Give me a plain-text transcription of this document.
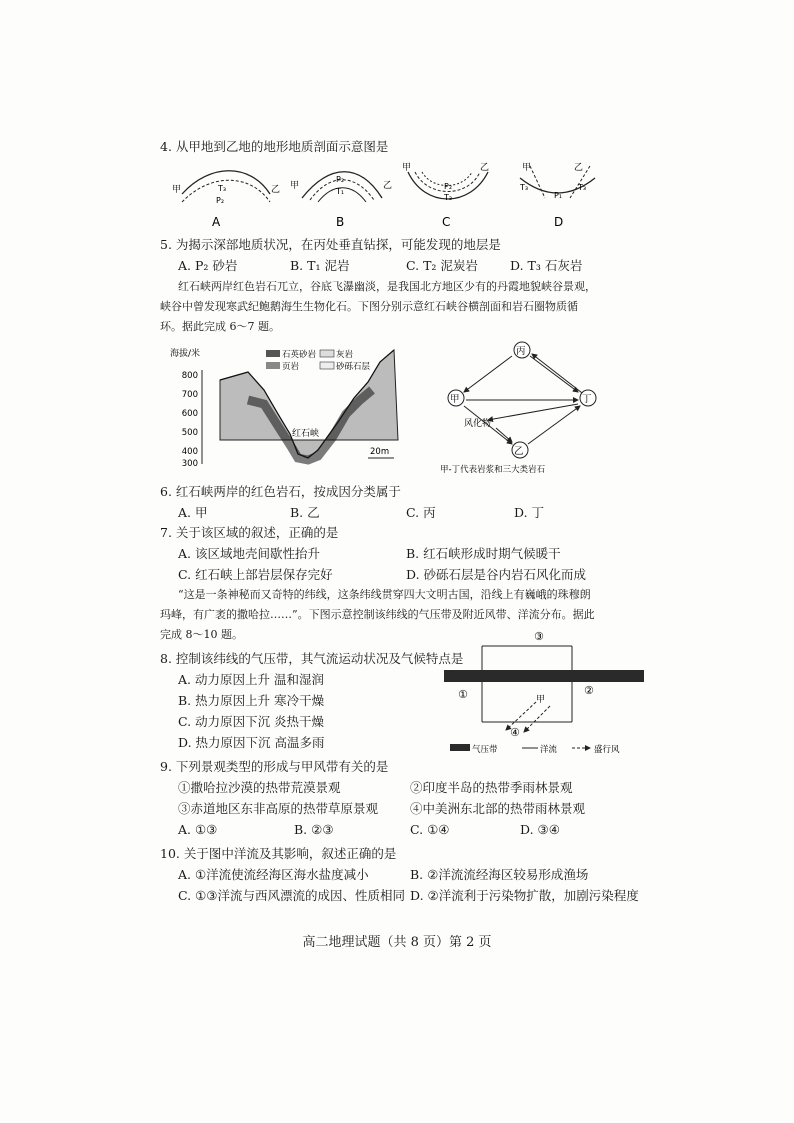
4. 从甲地到乙地的地形地质剖面示意图是
甲	乙
T₃
P₂
A
甲	乙
P₂
T₁
B
甲	乙
P₂
T₃
C
甲	乙
T₃
P₁
T₃
D
5. 为揭示深部地质状况，在丙处垂直钻探，可能发现的地层是
A. P₂ 砂岩	B. T₁ 泥岩	C. T₂ 泥炭岩	D. T₃ 石灰岩
红石峡两岸红色岩石兀立，谷底飞瀑幽淡，是我国北方地区少有的丹霞地貌峡谷景观，
峡谷中曾发现寒武纪鲍鹅海生生物化石。下图分别示意红石峡谷横剖面和岩石圈物质循
环。据此完成 6～7 题。
海拔/米
800
700
600
500
400
300
石英砂岩 灰岩
页岩	砂砾石层
红石峡
20m
丙
甲	丁
乙
风化物
甲-丁代表岩浆和三大类岩石
6. 红石峡两岸的红色岩石，按成因分类属于
A. 甲	B. 乙	C. 丙	D. 丁
7. 关于该区域的叙述，正确的是
A. 该区域地壳间歇性抬升	B. 红石峡形成时期气候暖干
C. 红石峡上部岩层保存完好	D. 砂砾石层是谷内岩石风化而成
“这是一条神秘而又奇特的纬线，这条纬线贯穿四大文明古国，沿线上有巍峨的珠穆朗
玛峰，有广袤的撒哈拉……”。下图示意控制该纬线的气压带及附近风带、洋流分布。据此
完成 8～10 题。
8. 控制该纬线的气压带，其气流运动状况及气候特点是
A. 动力原因上升 温和湿润
B. 热力原因上升 寒冷干燥
C. 动力原因下沉 炎热干燥
D. 热力原因下沉 高温多雨
③
①	②
④
甲
气压带	洋流	盛行风
9. 下列景观类型的形成与甲风带有关的是
①撒哈拉沙漠的热带荒漠景观	②印度半岛的热带季雨林景观
③赤道地区东非高原的热带草原景观	④中美洲东北部的热带雨林景观
A. ①③	B. ②③	C. ①④	D. ③④
10. 关于图中洋流及其影响，叙述正确的是
A. ①洋流使流经海区海水盐度减小	B. ②洋流流经海区较易形成渔场
C. ①③洋流与西风漂流的成因、性质相同 D. ②洋流利于污染物扩散，加剧污染程度
高二地理试题（共 8 页）第 2 页
